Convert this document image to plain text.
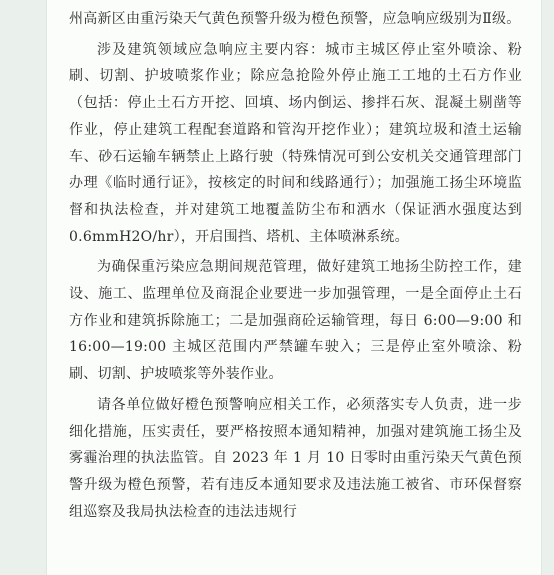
州高新区由重污染天气黄色预警升级为橙色预警，应急响应级别为Ⅱ级。

涉及建筑领域应急响应主要内容：城市主城区停止室外喷涂、粉刷、切割、护坡喷浆作业；除应急抢险外停止施工工地的土石方作业（包括：停止土石方开挖、回填、场内倒运、掺拌石灰、混凝土剔凿等作业，停止建筑工程配套道路和管沟开挖作业）；建筑垃圾和渣土运输车、砂石运输车辆禁止上路行驶（特殊情况可到公安机关交通管理部门办理《临时通行证》，按核定的时间和线路通行）；加强施工扬尘环境监督和执法检查，并对建筑工地覆盖防尘布和洒水（保证洒水强度达到 0.6mmH2O/hr），开启围挡、塔机、主体喷淋系统。

为确保重污染应急期间规范管理，做好建筑工地扬尘防控工作，建设、施工、监理单位及商混企业要进一步加强管理，一是全面停止土石方作业和建筑拆除施工；二是加强商砼运输管理，每日 6:00—9:00 和 16:00—19:00 主城区范围内严禁罐车驶入；三是停止室外喷涂、粉刷、切割、护坡喷浆等外装作业。

请各单位做好橙色预警响应相关工作，必须落实专人负责，进一步细化措施，压实责任，要严格按照本通知精神，加强对建筑施工扬尘及雾霾治理的执法监管。自 2023 年 1 月 10 日零时由重污染天气黄色预警升级为橙色预警，若有违反本通知要求及违法施工被省、市环保督察组巡察及我局执法检查的违法违规行
